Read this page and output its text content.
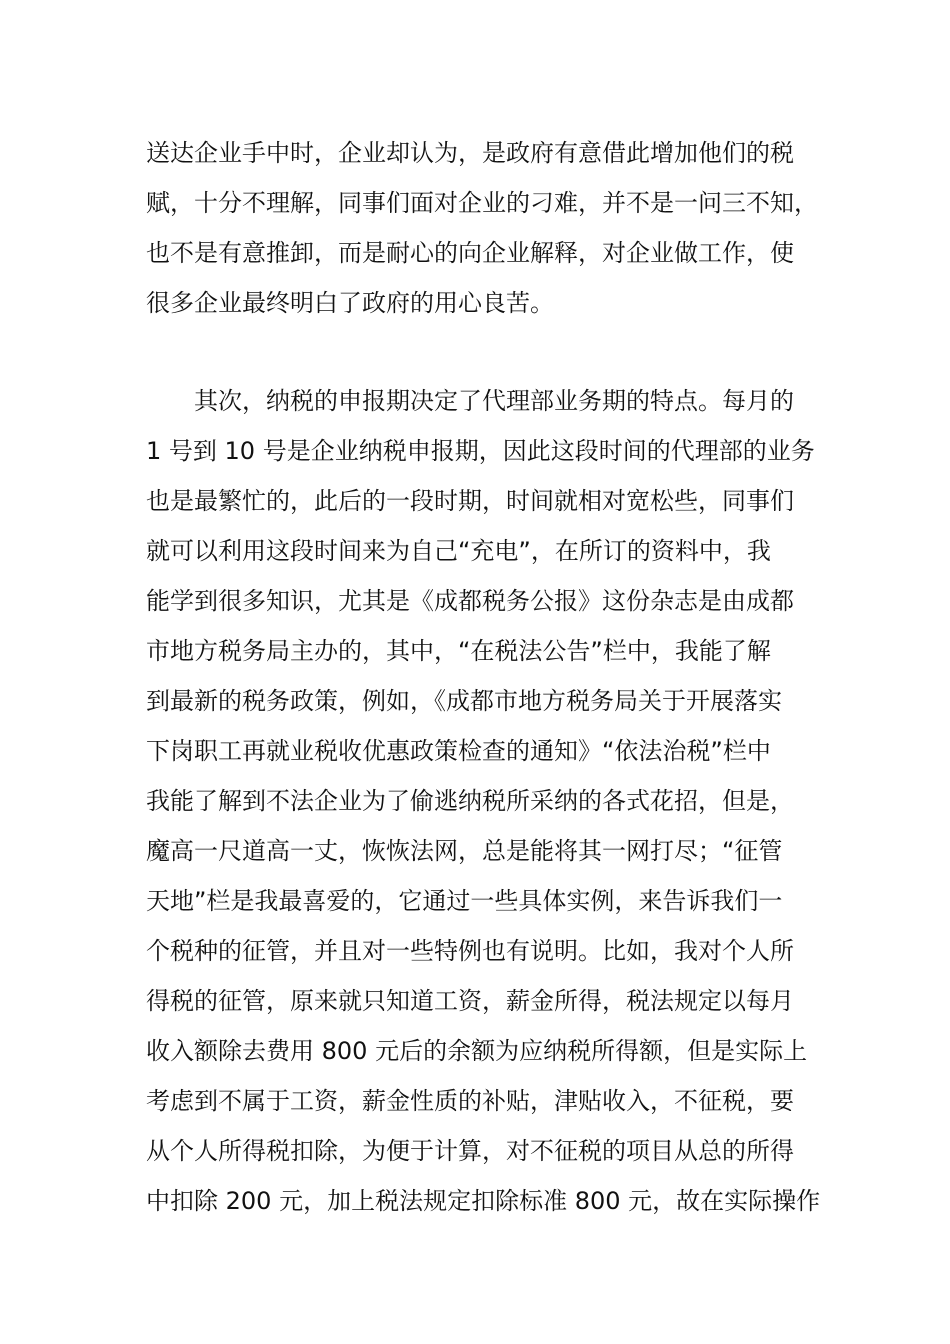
送达企业手中时，企业却认为，是政府有意借此增加他们的税
赋，十分不理解，同事们面对企业的刁难，并不是一问三不知，
也不是有意推卸，而是耐心的向企业解释，对企业做工作，使
很多企业最终明白了政府的用心良苦。
其次，纳税的申报期决定了代理部业务期的特点。每月的
1 号到 10 号是企业纳税申报期，因此这段时间的代理部的业务
也是最繁忙的，此后的一段时期，时间就相对宽松些，同事们
就可以利用这段时间来为自己“充电”，在所订的资料中，我
能学到很多知识，尤其是《成都税务公报》这份杂志是由成都
市地方税务局主办的，其中，“在税法公告”栏中，我能了解
到最新的税务政策，例如，《成都市地方税务局关于开展落实
下岗职工再就业税收优惠政策检查的通知》“依法治税”栏中
我能了解到不法企业为了偷逃纳税所采纳的各式花招，但是，
魔高一尺道高一丈，恢恢法网，总是能将其一网打尽；“征管
天地”栏是我最喜爱的，它通过一些具体实例，来告诉我们一
个税种的征管，并且对一些特例也有说明。比如，我对个人所
得税的征管，原来就只知道工资，薪金所得，税法规定以每月
收入额除去费用 800 元后的余额为应纳税所得额，但是实际上
考虑到不属于工资，薪金性质的补贴，津贴收入，不征税，要
从个人所得税扣除，为便于计算，对不征税的项目从总的所得
中扣除 200 元，加上税法规定扣除标准 800 元，故在实际操作
